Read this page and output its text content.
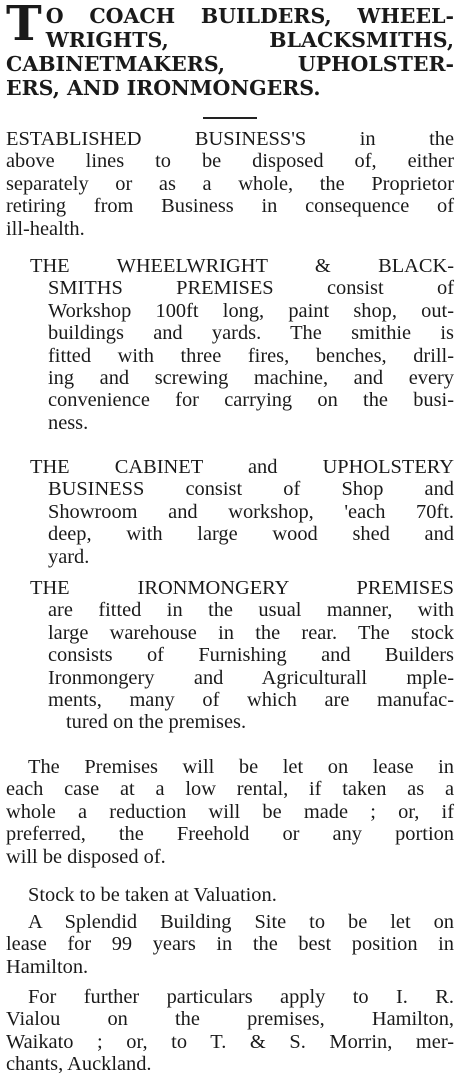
T O COACH BUILDERS, WHEEL-
WRIGHTS, BLACKSMITHS,
CABINETMAKERS, UPHOLSTER-
ERS, AND IRONMONGERS.
ESTABLISHED BUSINESS'S in the
above lines to be disposed of, either
separately or as a whole, the Proprietor
retiring from Business in consequence of
ill-health.
THE WHEELWRIGHT & BLACK-
SMITHS PREMISES consist of
Workshop 100ft long, paint shop, out-
buildings and yards. The smithie is
fitted with three fires, benches, drill-
ing and screwing machine, and every
convenience for carrying on the busi-
ness.
THE CABINET and UPHOLSTERY
BUSINESS consist of Shop and
Showroom and workshop, 'each 70ft.
deep, with large wood shed and
yard.
THE IRONMONGERY PREMISES
are fitted in the usual manner, with
large warehouse in the rear. The stock
consists of Furnishing and Builders
Ironmongery and Agriculturall mple-
ments, many of which are manufac-
tured on the premises.
The Premises will be let on lease in
each case at a low rental, if taken as a
whole a reduction will be made ; or, if
preferred, the Freehold or any portion
will be disposed of.
Stock to be taken at Valuation.
A Splendid Building Site to be let on
lease for 99 years in the best position in
Hamilton.
For further particulars apply to I. R.
Vialou on the premises, Hamilton,
Waikato ; or, to T. & S. Morrin, mer-
chants, Auckland.
